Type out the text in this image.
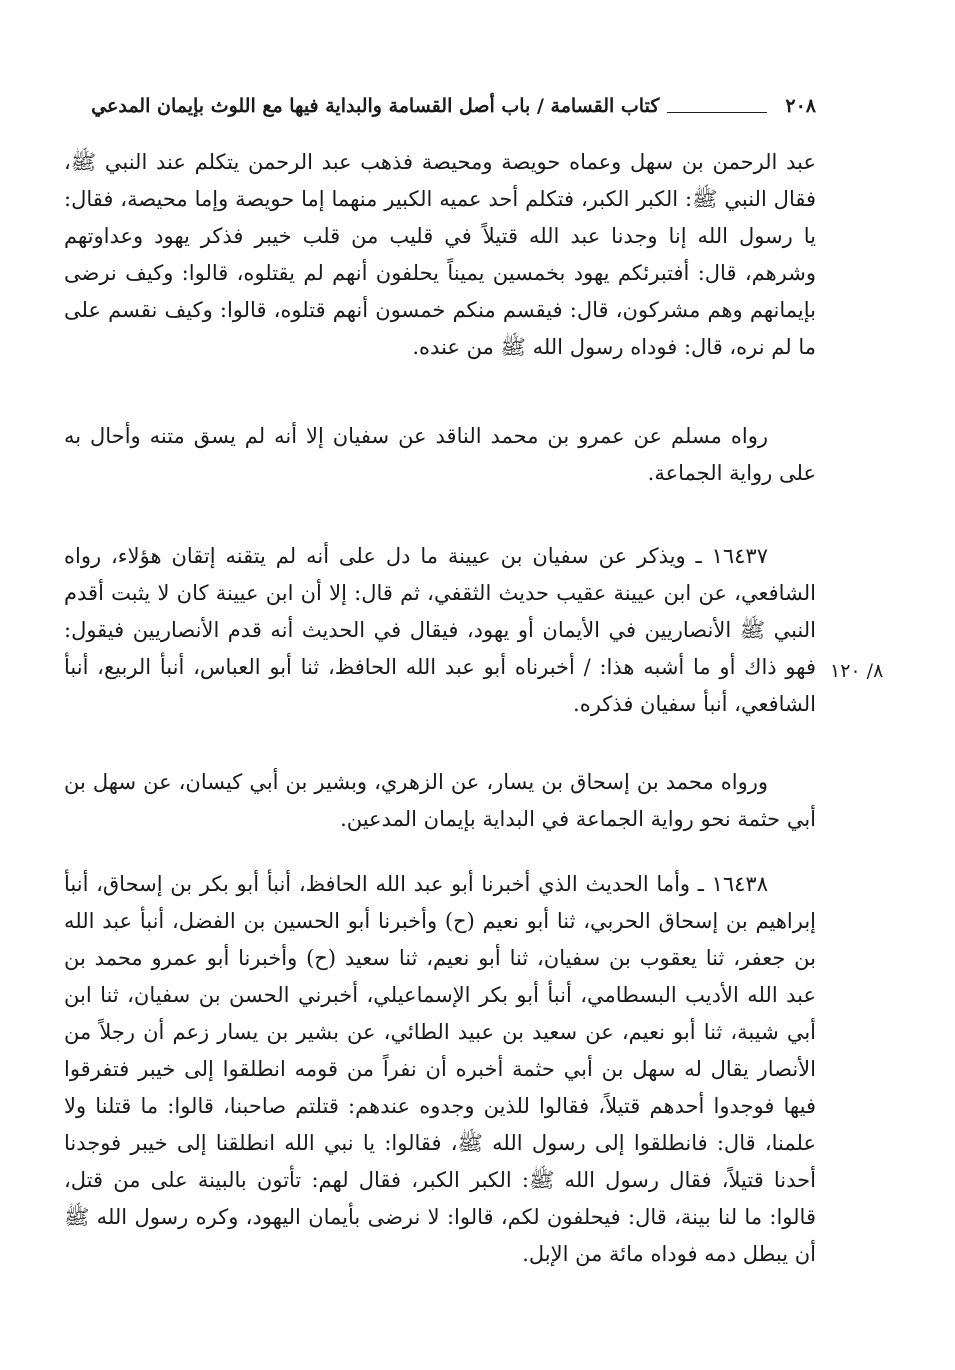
٢٠٨
كتاب القسامة / باب أصل القسامة والبداية فيها مع اللوث بإيمان المدعي

عبد الرحمن بن سهل وعماه حويصة ومحيصة فذهب عبد الرحمن يتكلم عند النبي ﷺ، فقال النبي ﷺ: الكبر الكبر، فتكلم أحد عميه الكبير منهما إما حويصة وإما محيصة، فقال: يا رسول الله إنا وجدنا عبد الله قتيلاً في قليب من قلب خيبر فذكر يهود وعداوتهم وشرهم، قال: أفتبرئكم يهود بخمسين يميناً يحلفون أنهم لم يقتلوه، قالوا: وكيف نرضى بإيمانهم وهم مشركون، قال: فيقسم منكم خمسون أنهم قتلوه، قالوا: وكيف نقسم على ما لم نره، قال: فوداه رسول الله ﷺ من عنده.

رواه مسلم عن عمرو بن محمد الناقد عن سفيان إلا أنه لم يسق متنه وأحال به على رواية الجماعة.

١٦٤٣٧ ـ ويذكر عن سفيان بن عيينة ما دل على أنه لم يتقنه إتقان هؤلاء، رواه الشافعي، عن ابن عيينة عقيب حديث الثقفي، ثم قال: إلا أن ابن عيينة كان لا يثبت أقدم النبي ﷺ الأنصاريين في الأيمان أو يهود، فيقال في الحديث أنه قدم الأنصاريين فيقول: فهو ذاك أو ما أشبه هذا: / أخبرناه أبو عبد الله الحافظ، ثنا أبو العباس، أنبأ الربيع، أنبأ الشافعي، أنبأ سفيان فذكره.

ورواه محمد بن إسحاق بن يسار، عن الزهري، وبشير بن أبي كيسان، عن سهل بن أبي حثمة نحو رواية الجماعة في البداية بإيمان المدعين.

١٦٤٣٨ ـ وأما الحديث الذي أخبرنا أبو عبد الله الحافظ، أنبأ أبو بكر بن إسحاق، أنبأ إبراهيم بن إسحاق الحربي، ثنا أبو نعيم (ح) وأخبرنا أبو الحسين بن الفضل، أنبأ عبد الله بن جعفر، ثنا يعقوب بن سفيان، ثنا أبو نعيم، ثنا سعيد (ح) وأخبرنا أبو عمرو محمد بن عبد الله الأديب البسطامي، أنبأ أبو بكر الإسماعيلي، أخبرني الحسن بن سفيان، ثنا ابن أبي شيبة، ثنا أبو نعيم، عن سعيد بن عبيد الطائي، عن بشير بن يسار زعم أن رجلاً من الأنصار يقال له سهل بن أبي حثمة أخبره أن نفراً من قومه انطلقوا إلى خيبر فتفرقوا فيها فوجدوا أحدهم قتيلاً، فقالوا للذين وجدوه عندهم: قتلتم صاحبنا، قالوا: ما قتلنا ولا علمنا، قال: فانطلقوا إلى رسول الله ﷺ، فقالوا: يا نبي الله انطلقنا إلى خيبر فوجدنا أحدنا قتيلاً، فقال رسول الله ﷺ: الكبر الكبر، فقال لهم: تأتون بالبينة على من قتل، قالوا: ما لنا بينة، قال: فيحلفون لكم، قالوا: لا نرضى بأيمان اليهود، وكره رسول الله ﷺ أن يبطل دمه فوداه مائة من الإبل.

٨/ ١٢٠
